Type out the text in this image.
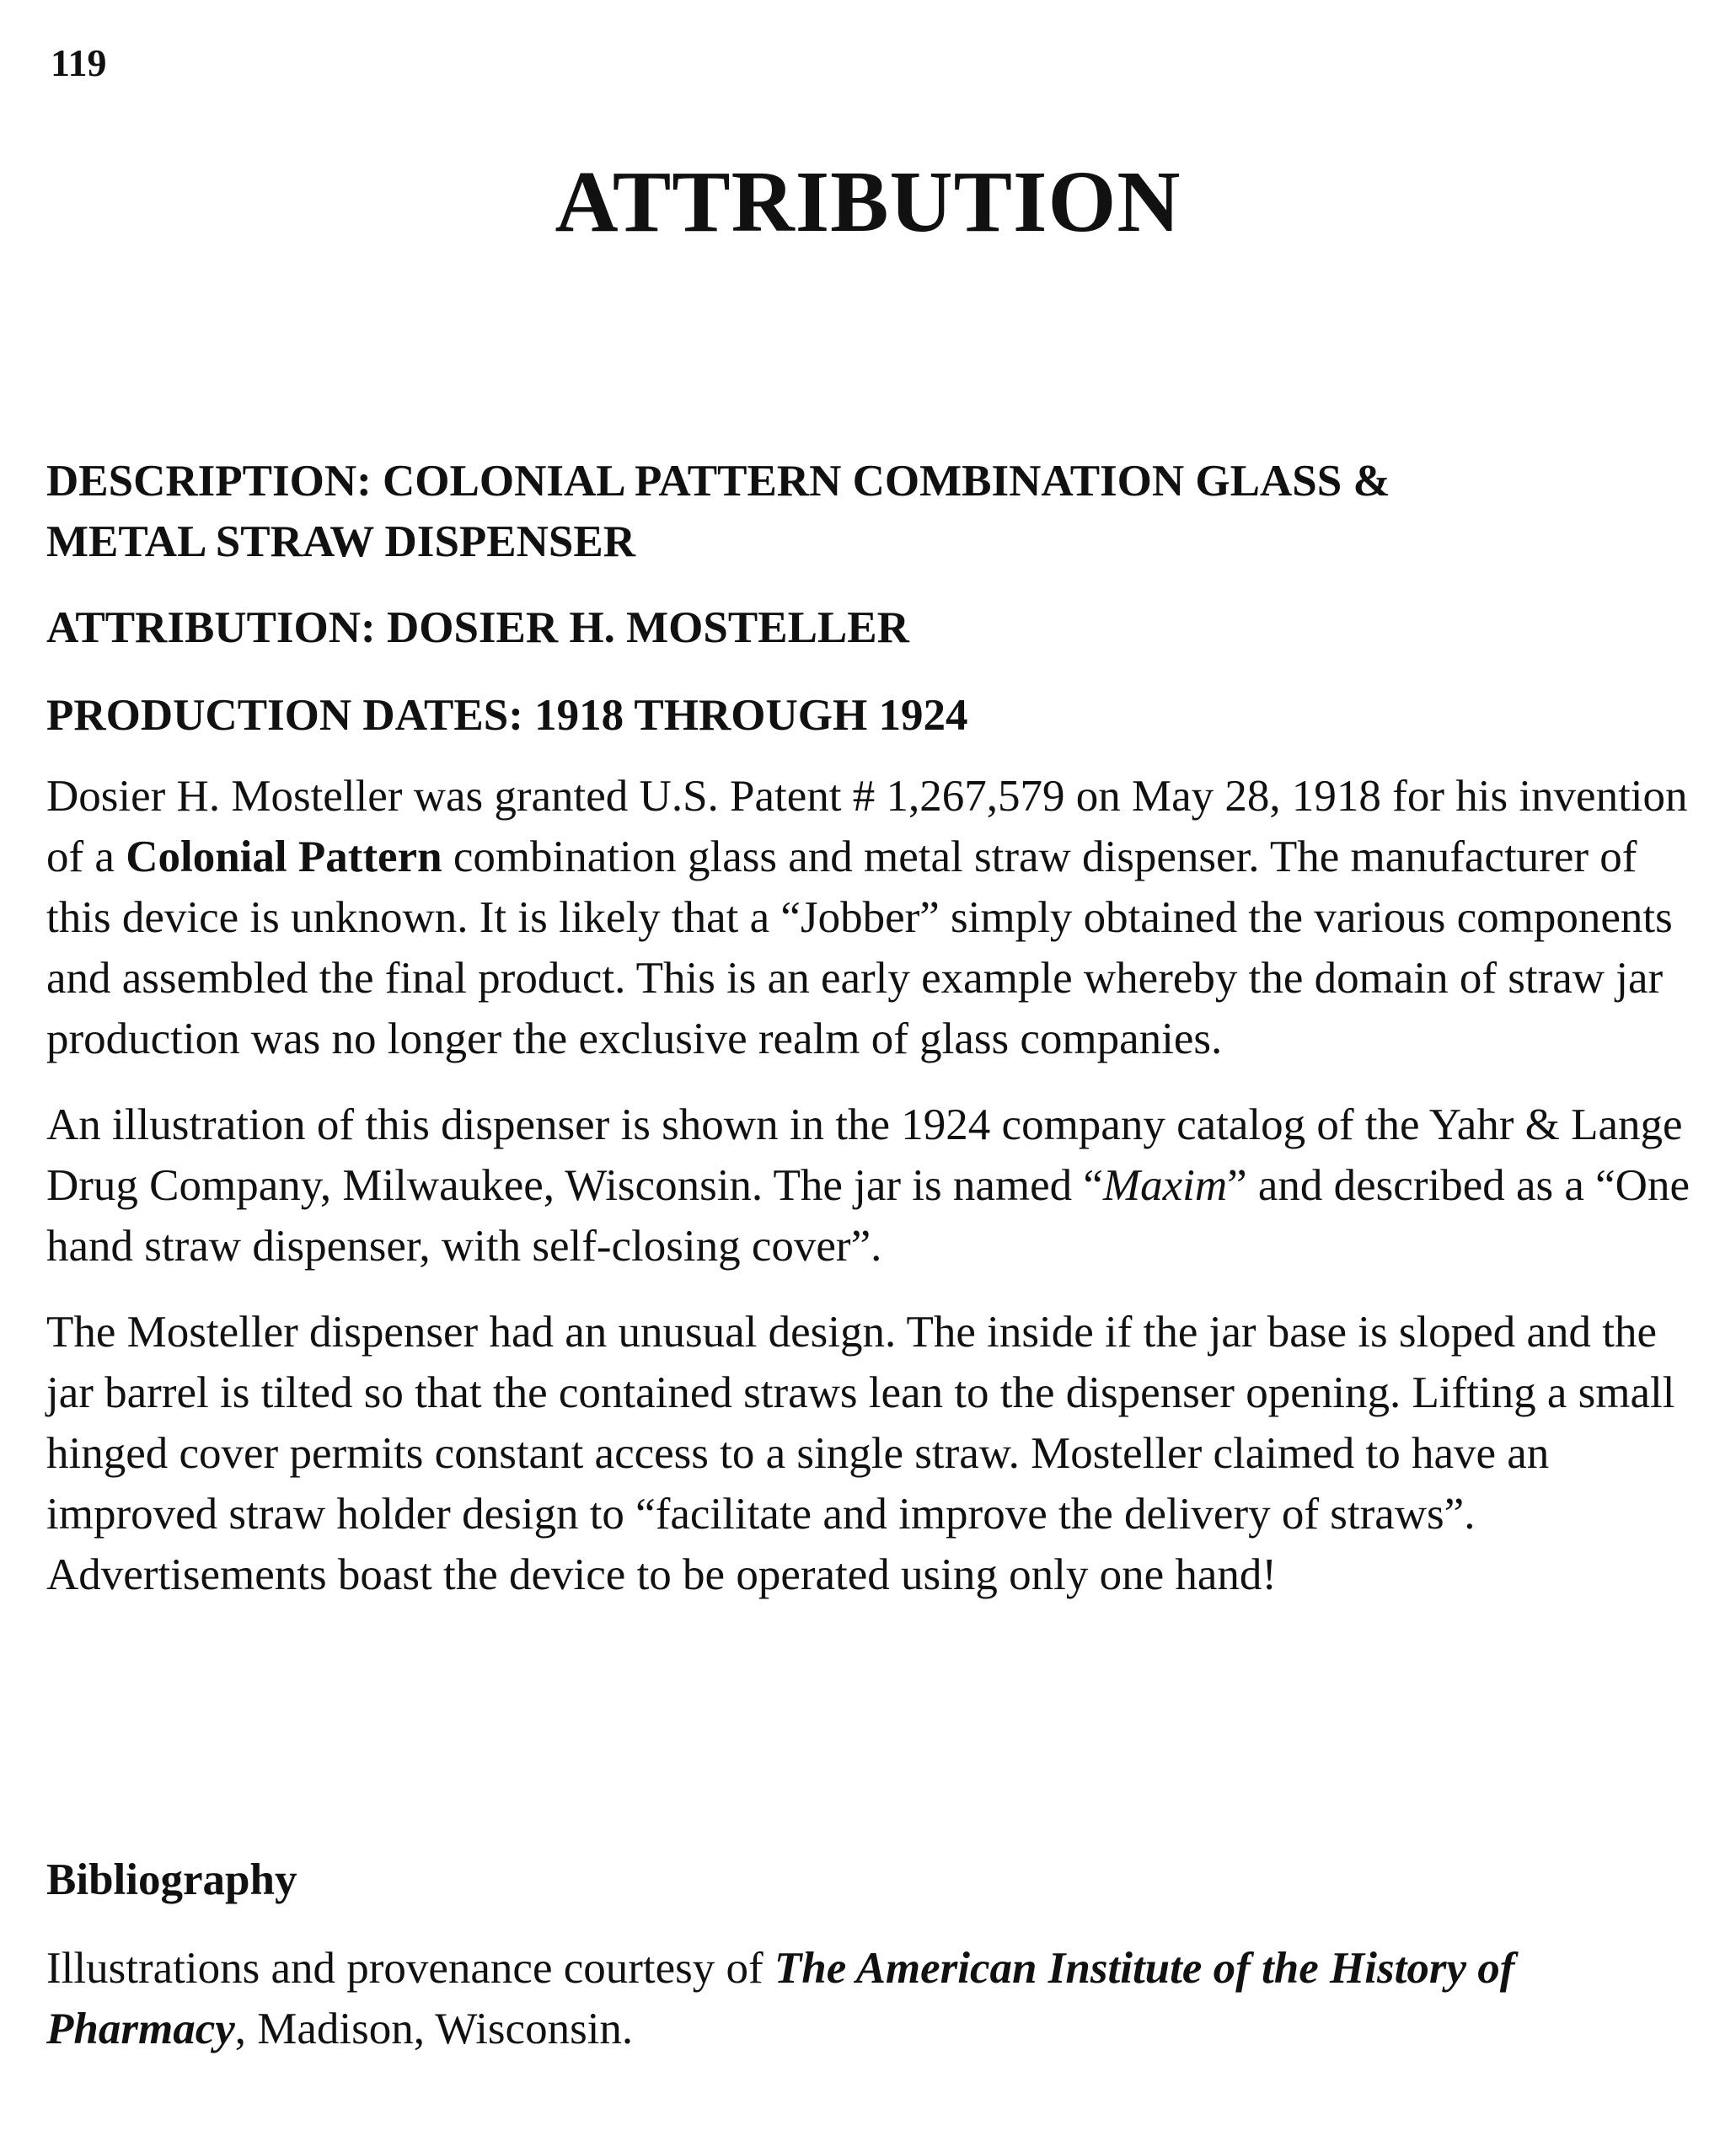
119
ATTRIBUTION

DESCRIPTION: COLONIAL PATTERN COMBINATION GLASS &

METAL STRAW DISPENSER

ATTRIBUTION: DOSIER H. MOSTELLER

PRODUCTION DATES: 1918 THROUGH 1924

Dosier H. Mosteller was granted U.S. Patent # 1,267,579 on May 28, 1918 for his invention of a Colonial Pattern combination glass and metal straw dispenser. The manufacturer of this device is unknown. It is likely that a “Jobber” simply obtained the various components and assembled the final product. This is an early example whereby the domain of straw jar production was no longer the exclusive realm of glass companies.

An illustration of this dispenser is shown in the 1924 company catalog of the Yahr & Lange Drug Company, Milwaukee, Wisconsin. The jar is named “Maxim” and described as a “One hand straw dispenser, with self-closing cover”.

The Mosteller dispenser had an unusual design. The inside if the jar base is sloped and the jar barrel is tilted so that the contained straws lean to the dispenser opening. Lifting a small hinged cover permits constant access to a single straw. Mosteller claimed to have an improved straw holder design to “facilitate and improve the delivery of straws”. Advertisements boast the device to be operated using only one hand!

Bibliography
Illustrations and provenance courtesy of The American Institute of the History of Pharmacy, Madison, Wisconsin.
